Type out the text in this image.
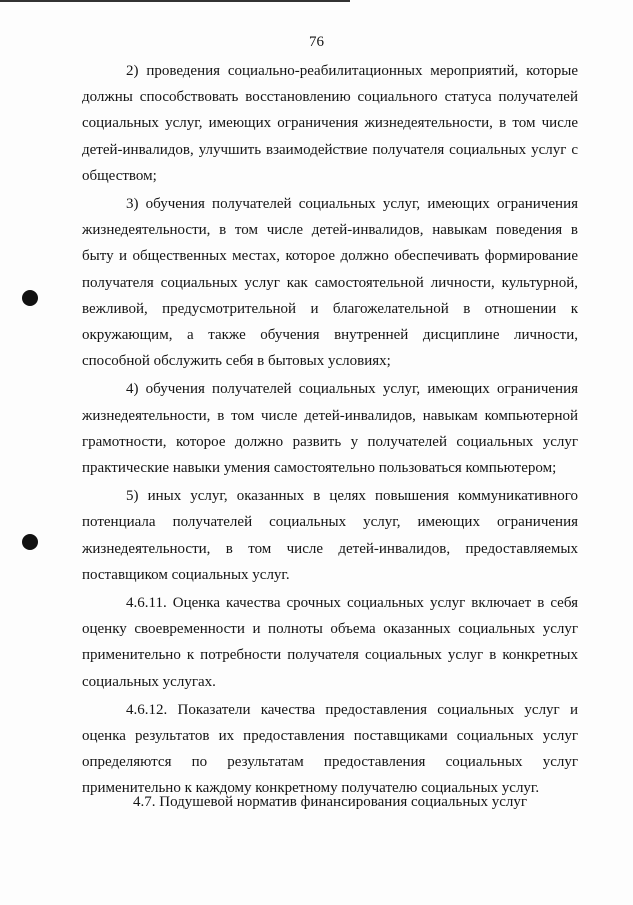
76

2) проведения социально-реабилитационных мероприятий, которые должны способствовать восстановлению социального статуса получателей социальных услуг, имеющих ограничения жизнедеятельности, в том числе детей-инвалидов, улучшить взаимодействие получателя социальных услуг с обществом;

3) обучения получателей социальных услуг, имеющих ограничения жизнедеятельности, в том числе детей-инвалидов, навыкам поведения в быту и общественных местах, которое должно обеспечивать формирование получателя социальных услуг как самостоятельной личности, культурной, вежливой, предусмотрительной и благожелательной в отношении к окружающим, а также обучения внутренней дисциплине личности, способной обслужить себя в бытовых условиях;

4) обучения получателей социальных услуг, имеющих ограничения жизнедеятельности, в том числе детей-инвалидов, навыкам компьютерной грамотности, которое должно развить у получателей социальных услуг практические навыки умения самостоятельно пользоваться компьютером;

5) иных услуг, оказанных в целях повышения коммуникативного потенциала получателей социальных услуг, имеющих ограничения жизнедеятельности, в том числе детей-инвалидов, предоставляемых поставщиком социальных услуг.

4.6.11. Оценка качества срочных социальных услуг включает в себя оценку своевременности и полноты объема оказанных социальных услуг применительно к потребности получателя социальных услуг в конкретных социальных услугах.

4.6.12. Показатели качества предоставления социальных услуг и оценка результатов их предоставления поставщиками социальных услуг определяются по результатам предоставления социальных услуг применительно к каждому конкретному получателю социальных услуг.

4.7. Подушевой норматив финансирования социальных услуг
